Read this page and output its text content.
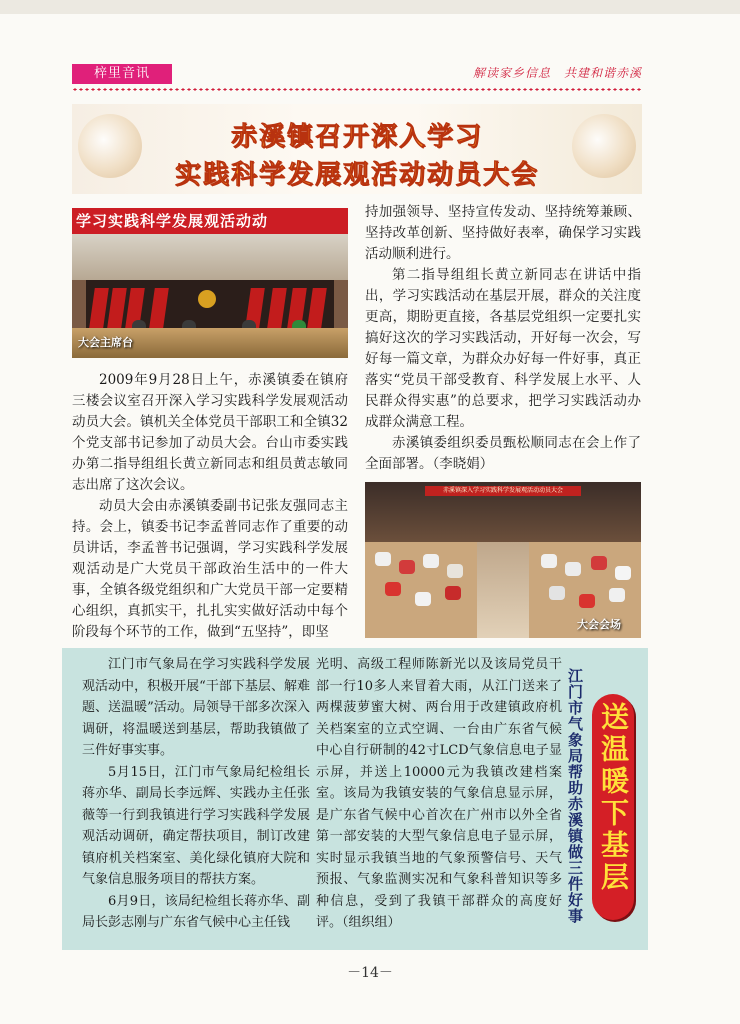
梓里音讯	解读家乡信息　共建和谐赤溪
赤溪镇召开深入学习
实践科学发展观活动动员大会
学习实践科学发展观活动动
大会主席台

2009年9月28日上午，赤溪镇委在镇府三楼会议室召开深入学习实践科学发展观活动动员大会。镇机关全体党员干部职工和全镇32个党支部书记参加了动员大会。台山市委实践办第二指导组组长黄立新同志和组员黄志敏同志出席了这次会议。

动员大会由赤溪镇委副书记张友强同志主持。会上，镇委书记李孟普同志作了重要的动员讲话，李孟普书记强调，学习实践科学发展观活动是广大党员干部政治生活中的一件大事，全镇各级党组织和广大党员干部一定要精心组织，真抓实干，扎扎实实做好活动中每个阶段每个环节的工作，做到“五坚持”，即坚

持加强领导、坚持宣传发动、坚持统筹兼顾、坚持改革创新、坚持做好表率，确保学习实践活动顺利进行。

第二指导组组长黄立新同志在讲话中指出，学习实践活动在基层开展，群众的关注度更高，期盼更直接，各基层党组织一定要扎实搞好这次的学习实践活动，开好每一次会，写好每一篇文章，为群众办好每一件好事，真正落实“党员干部受教育、科学发展上水平、人民群众得实惠”的总要求，把学习实践活动办成群众满意工程。

赤溪镇委组织委员甄松顺同志在会上作了全面部署。（李晓娟）

赤溪镇深入学习实践科学发展观活动动员大会
大会会场

江门市气象局在学习实践科学发展观活动中，积极开展“干部下基层、解难题、送温暖”活动。局领导干部多次深入调研，将温暖送到基层，帮助我镇做了三件好事实事。

5月15日，江门市气象局纪检组长蒋亦华、副局长李远辉、实践办主任张薇等一行到我镇进行学习实践科学发展观活动调研，确定帮扶项目，制订改建镇府机关档案室、美化绿化镇府大院和气象信息服务项目的帮扶方案。

6月9日，该局纪检组长蒋亦华、副局长彭志刚与广东省气候中心主任钱

光明、高级工程师陈新光以及该局党员干部一行10多人来冒着大雨，从江门送来了两棵菠萝蜜大树、两台用于改建镇政府机关档案室的立式空调、一台由广东省气候中心自行研制的42寸LCD气象信息电子显示屏，并送上10000元为我镇改建档案室。该局为我镇安装的气象信息显示屏，是广东省气候中心首次在广州市以外全省第一部安装的大型气象信息电子显示屏，实时显示我镇当地的气象预警信号、天气预报、气象监测实况和气象科普知识等多种信息，受到了我镇干部群众的高度好评。（组织组）	江门市气象局帮助赤溪镇做三件好事 送温暖下基层
－14－
